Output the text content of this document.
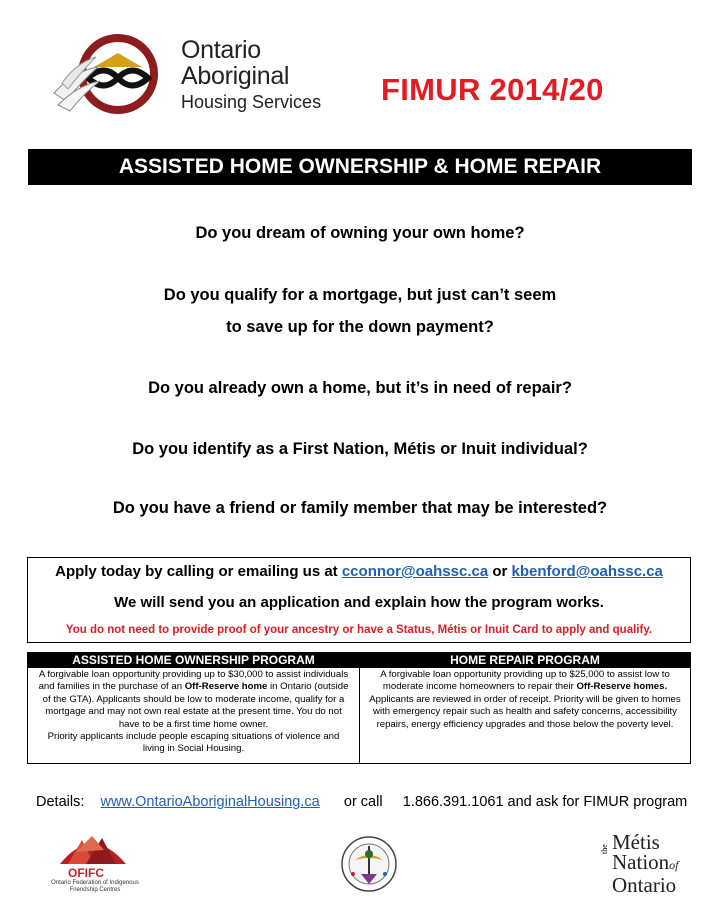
Ontario
Aboriginal
Housing Services FIMUR 2014/20
ASSISTED HOME OWNERSHIP & HOME REPAIR
Do you dream of owning your own home?
Do you qualify for a mortgage, but just can’t seem
to save up for the down payment?
Do you already own a home, but it’s in need of repair?
Do you identify as a First Nation, Métis or Inuit individual?
Do you have a friend or family member that may be interested?
Apply today by calling or emailing us at cconnor@oahssc.ca or kbenford@oahssc.ca
We will send you an application and explain how the program works.
You do not need to provide proof of your ancestry or have a Status, Métis or Inuit Card to apply and qualify.
ASSISTED HOME OWNERSHIP PROGRAM
A forgivable loan opportunity providing up to $30,000 to assist individuals and families in the purchase of an Off-Reserve home in Ontario (outside of the GTA). Applicants should be low to moderate income, qualify for a mortgage and may not own real estate at the present time. You do not have to be a first time home owner.
Priority applicants include people escaping situations of violence and living in Social Housing.
HOME REPAIR PROGRAM
A forgivable loan opportunity providing up to $25,000 to assist low to moderate income homeowners to repair their Off-Reserve homes. Applicants are reviewed in order of receipt. Priority will be given to homes with emergency repair such as health and safety concerns, accessibility repairs, energy efficiency upgrades and those below the poverty level.
Details: www.OntarioAboriginalHousing.ca or call 1.866.391.1061 and ask for FIMUR program
OFIFC
Ontario Federation of Indigenous Friendship Centres
the Métis
Nationof
Ontario
